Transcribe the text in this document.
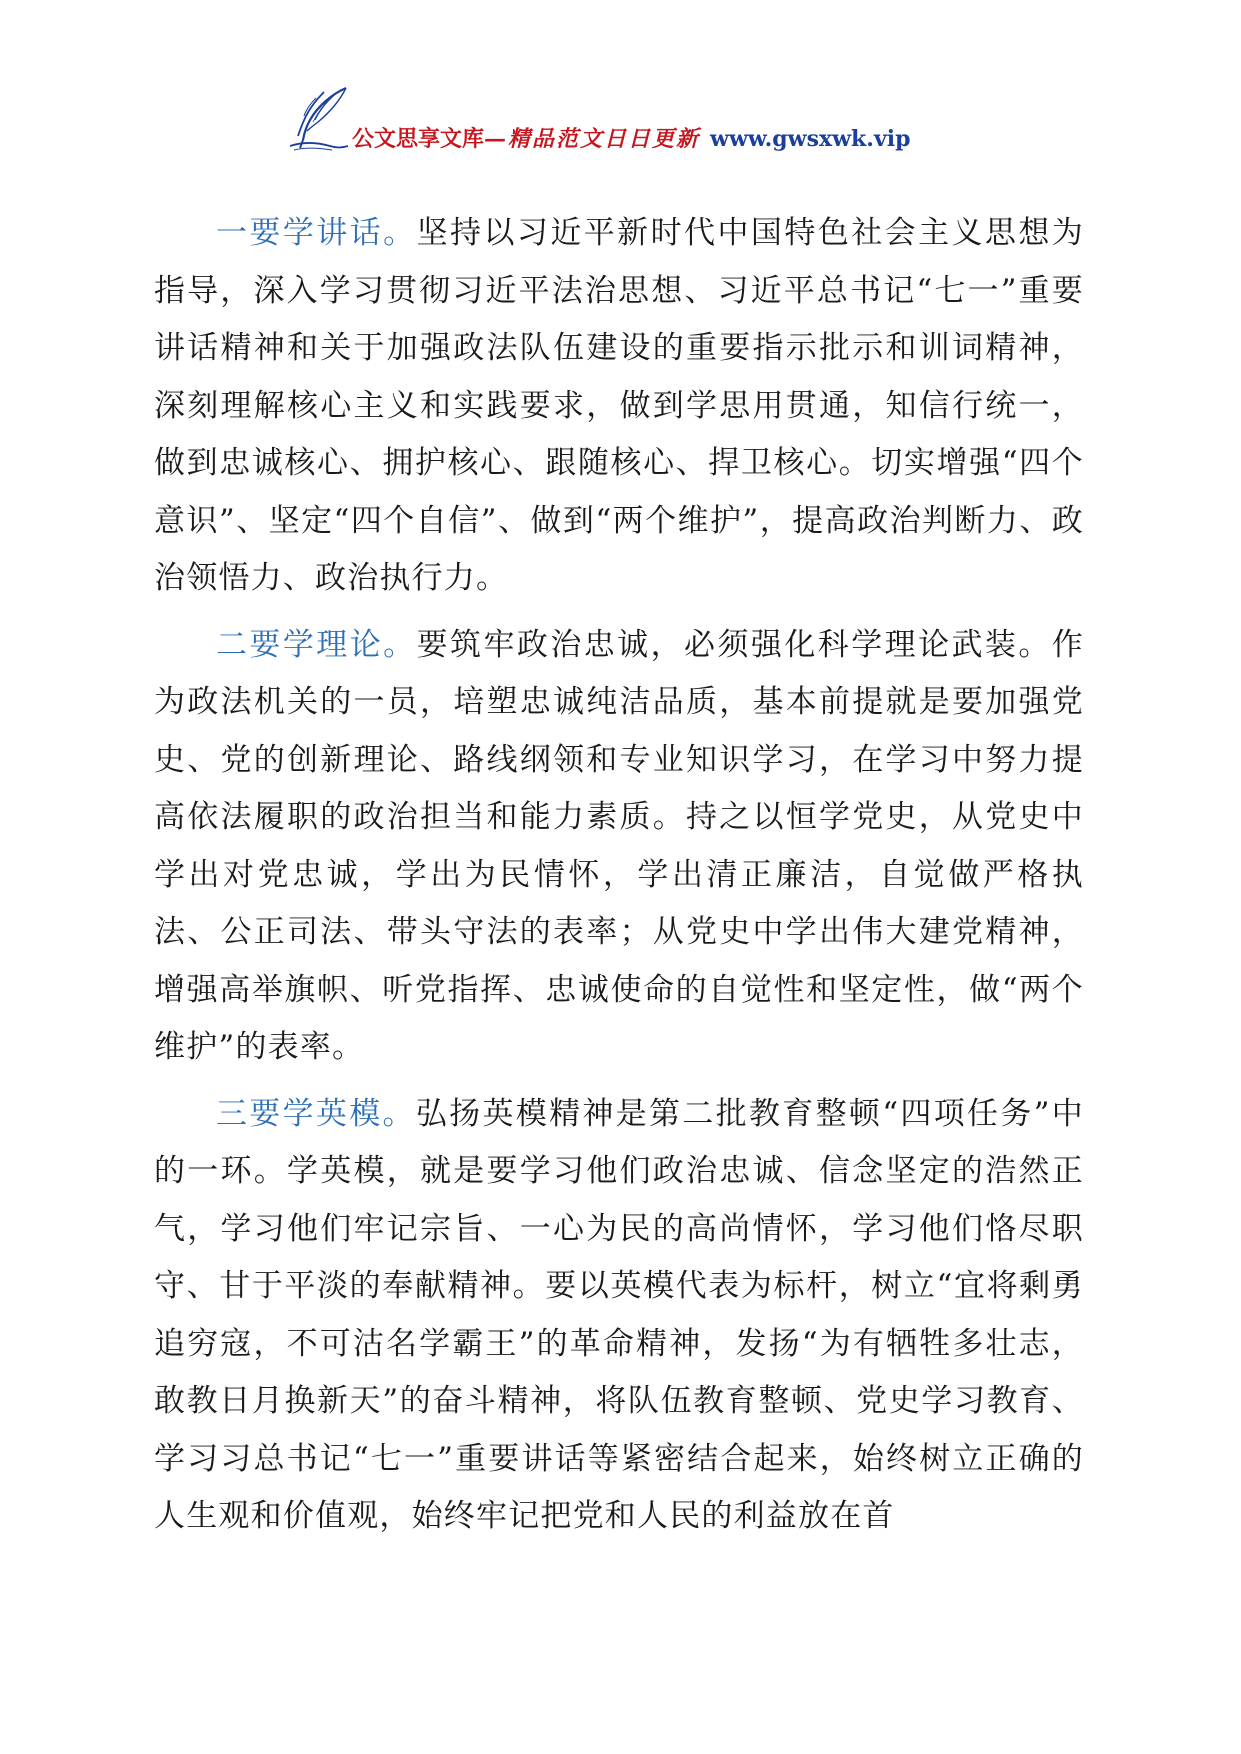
公文思享文库—精品范文日日更新 www.gwsxwk.vip

一要学讲话。坚持以习近平新时代中国特色社会主义思想为指导，深入学习贯彻习近平法治思想、习近平总书记“七一”重要讲话精神和关于加强政法队伍建设的重要指示批示和训词精神，深刻理解核心主义和实践要求，做到学思用贯通，知信行统一，做到忠诚核心、拥护核心、跟随核心、捍卫核心。切实增强“四个意识”、坚定“四个自信”、做到“两个维护”，提高政治判断力、政治领悟力、政治执行力。

二要学理论。要筑牢政治忠诚，必须强化科学理论武装。作为政法机关的一员，培塑忠诚纯洁品质，基本前提就是要加强党史、党的创新理论、路线纲领和专业知识学习，在学习中努力提高依法履职的政治担当和能力素质。持之以恒学党史，从党史中学出对党忠诚，学出为民情怀，学出清正廉洁，自觉做严格执法、公正司法、带头守法的表率；从党史中学出伟大建党精神，增强高举旗帜、听党指挥、忠诚使命的自觉性和坚定性，做“两个维护”的表率。

三要学英模。弘扬英模精神是第二批教育整顿“四项任务”中的一环。学英模，就是要学习他们政治忠诚、信念坚定的浩然正气，学习他们牢记宗旨、一心为民的高尚情怀，学习他们恪尽职守、甘于平淡的奉献精神。要以英模代表为标杆，树立“宜将剩勇追穷寇，不可沽名学霸王”的革命精神，发扬“为有牺牲多壮志，敢教日月换新天”的奋斗精神，将队伍教育整顿、党史学习教育、学习习总书记“七一”重要讲话等紧密结合起来，始终树立正确的人生观和价值观，始终牢记把党和人民的利益放在首
